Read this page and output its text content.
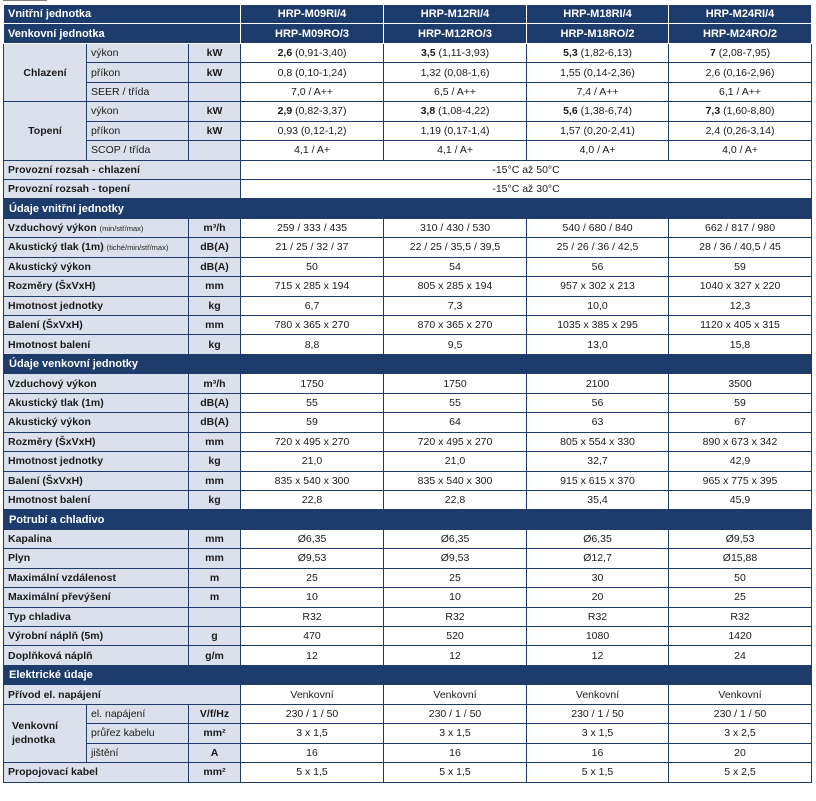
Vnitřní jednotka			HRP-M09RI/4	HRP-M12RI/4	HRP-M18RI/4	HRP-M24RI/4
Venkovní jednotka			HRP-M09RO/3	HRP-M12RO/3	HRP-M18RO/2	HRP-M24RO/2
Chlazení	výkon	kW	2,6 (0,91-3,40)	3,5 (1,11-3,93)	5,3 (1,82-6,13)	7 (2,08-7,95)
	příkon	kW	0,8 (0,10-1,24)	1,32 (0,08-1,6)	1,55 (0,14-2,36)	2,6 (0,16-2,96)
	SEER / třída		7,0 / A++	6,5 / A++	7,4 / A++	6,1 / A++
Topení	výkon	kW	2,9 (0,82-3,37)	3,8 (1,08-4,22)	5,6 (1,38-6,74)	7,3 (1,60-8,80)
	příkon	kW	0,93 (0,12-1,2)	1,19 (0,17-1,4)	1,57 (0,20-2,41)	2,4 (0,26-3,14)
	SCOP / třída		4,1 / A+	4,1 / A+	4,0 / A+	4,0 / A+
Provozní rozsah - chlazení			-15°C až 50°C			
Provozní rozsah - topení			-15°C až 30°C			
Údaje vnitřní jednotky						
Vzduchový výkon (min/stř/max)		m³/h	259 / 333 / 435	310 / 430 / 530	540 / 680 / 840	662 / 817 / 980
Akustický tlak (1m) (tiché/min/stř/max)		dB(A)	21 / 25 / 32 / 37	22 / 25 / 35,5 / 39,5	25 / 26 / 36 / 42,5	28 / 36 / 40,5 / 45
Akustický výkon		dB(A)	50	54	56	59
Rozměry (ŠxVxH)		mm	715 x 285 x 194	805 x 285 x 194	957 x 302 x 213	1040 x 327 x 220
Hmotnost jednotky		kg	6,7	7,3	10,0	12,3
Balení (ŠxVxH)		mm	780 x 365 x 270	870 x 365 x 270	1035 x 385 x 295	1120 x 405 x 315
Hmotnost balení		kg	8,8	9,5	13,0	15,8
Údaje venkovní jednotky						
Vzduchový výkon		m³/h	1750	1750	2100	3500
Akustický tlak (1m)		dB(A)	55	55	56	59
Akustický výkon		dB(A)	59	64	63	67
Rozměry (ŠxVxH)		mm	720 x 495 x 270	720 x 495 x 270	805 x 554 x 330	890 x 673 x 342
Hmotnost jednotky		kg	21,0	21,0	32,7	42,9
Balení (ŠxVxH)		mm	835 x 540 x 300	835 x 540 x 300	915 x 615 x 370	965 x 775 x 395
Hmotnost balení		kg	22,8	22,8	35,4	45,9
Potrubí a chladivo						
Kapalina		mm	Ø6,35	Ø6,35	Ø6,35	Ø9,53
Plyn		mm	Ø9,53	Ø9,53	Ø12,7	Ø15,88
Maximální vzdálenost		m	25	25	30	50
Maximální převýšení		m	10	10	20	25
Typ chladiva			R32	R32	R32	R32
Výrobní náplň (5m)		g	470	520	1080	1420
Doplňková náplň		g/m	12	12	12	24
Elektrické údaje						
Přívod el. napájení			Venkovní	Venkovní	Venkovní	Venkovní
Venkovní
jednotka	el. napájení	V/f/Hz	230 / 1 / 50	230 / 1 / 50	230 / 1 / 50	230 / 1 / 50
	průřez kabelu	mm²	3 x 1,5	3 x 1,5	3 x 1,5	3 x 2,5
	jištění	A	16	16	16	20
Propojovací kabel		mm²	5 x 1,5	5 x 1,5	5 x 1,5	5 x 2,5
